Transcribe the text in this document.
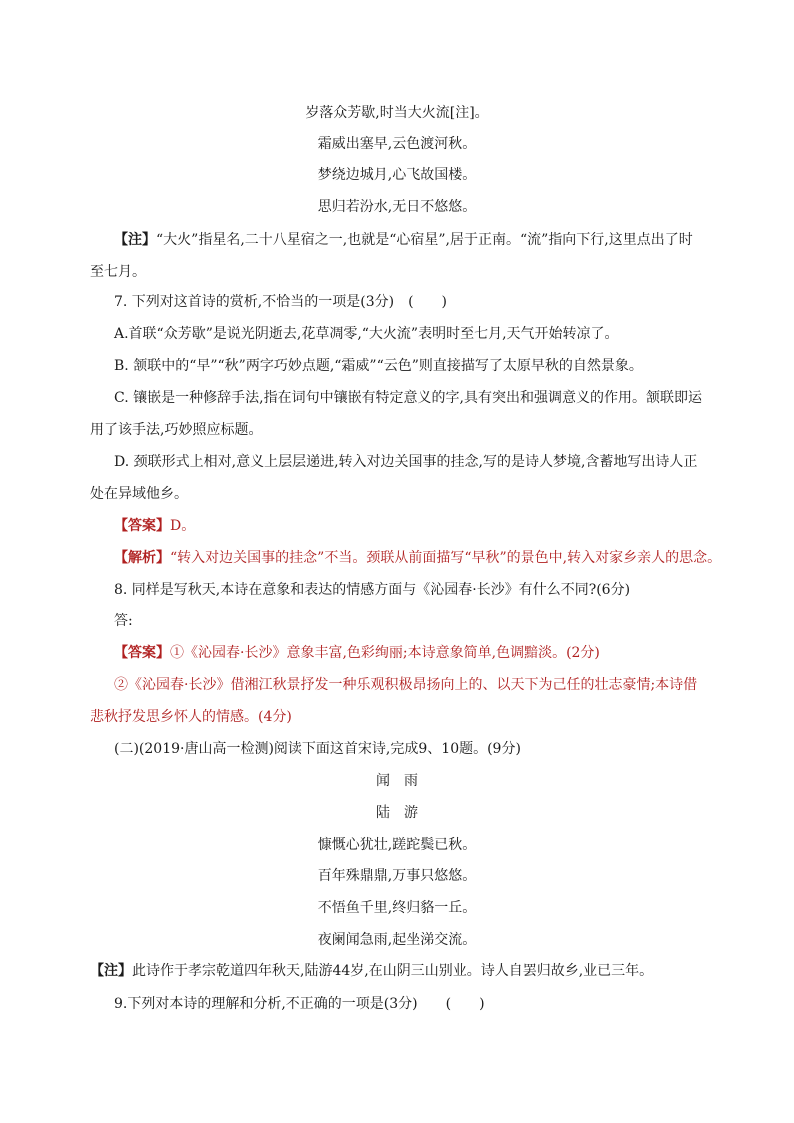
岁落众芳歇,时当大火流[注]。
霜威出塞早,云色渡河秋。
梦绕边城月,心飞故国楼。
思归若汾水,无日不悠悠。
【注】“大火”指星名,二十八星宿之一,也就是“心宿星”,居于正南。“流”指向下行,这里点出了时至七月。
7. 下列对这首诗的赏析,不恰当的一项是(3分)　(　　)
A.首联“众芳歇”是说光阴逝去,花草凋零,“大火流”表明时至七月,天气开始转凉了。
B. 颔联中的“早”“秋”两字巧妙点题,“霜威”“云色”则直接描写了太原早秋的自然景象。
C. 镶嵌是一种修辞手法,指在词句中镶嵌有特定意义的字,具有突出和强调意义的作用。颔联即运用了该手法,巧妙照应标题。
D. 颈联形式上相对,意义上层层递进,转入对边关国事的挂念,写的是诗人梦境,含蓄地写出诗人正处在异域他乡。
【答案】D。
【解析】“转入对边关国事的挂念”不当。颈联从前面描写“早秋”的景色中,转入对家乡亲人的思念。
8. 同样是写秋天,本诗在意象和表达的情感方面与《沁园春·长沙》有什么不同?(6分)
答:
【答案】①《沁园春·长沙》意象丰富,色彩绚丽;本诗意象简单,色调黯淡。(2分)
②《沁园春·长沙》借湘江秋景抒发一种乐观积极昂扬向上的、以天下为己任的壮志豪情;本诗借悲秋抒发思乡怀人的情感。(4分)
(二)(2019·唐山高一检测)阅读下面这首宋诗,完成9、10题。(9分)
闻　雨
陆　游
慷慨心犹壮,蹉跎鬓已秋。
百年殊鼎鼎,万事只悠悠。
不悟鱼千里,终归貉一丘。
夜阑闻急雨,起坐涕交流。
【注】此诗作于孝宗乾道四年秋天,陆游44岁,在山阴三山别业。诗人自罢归故乡,业已三年。
9.下列对本诗的理解和分析,不正确的一项是(3分)　　(　　)
